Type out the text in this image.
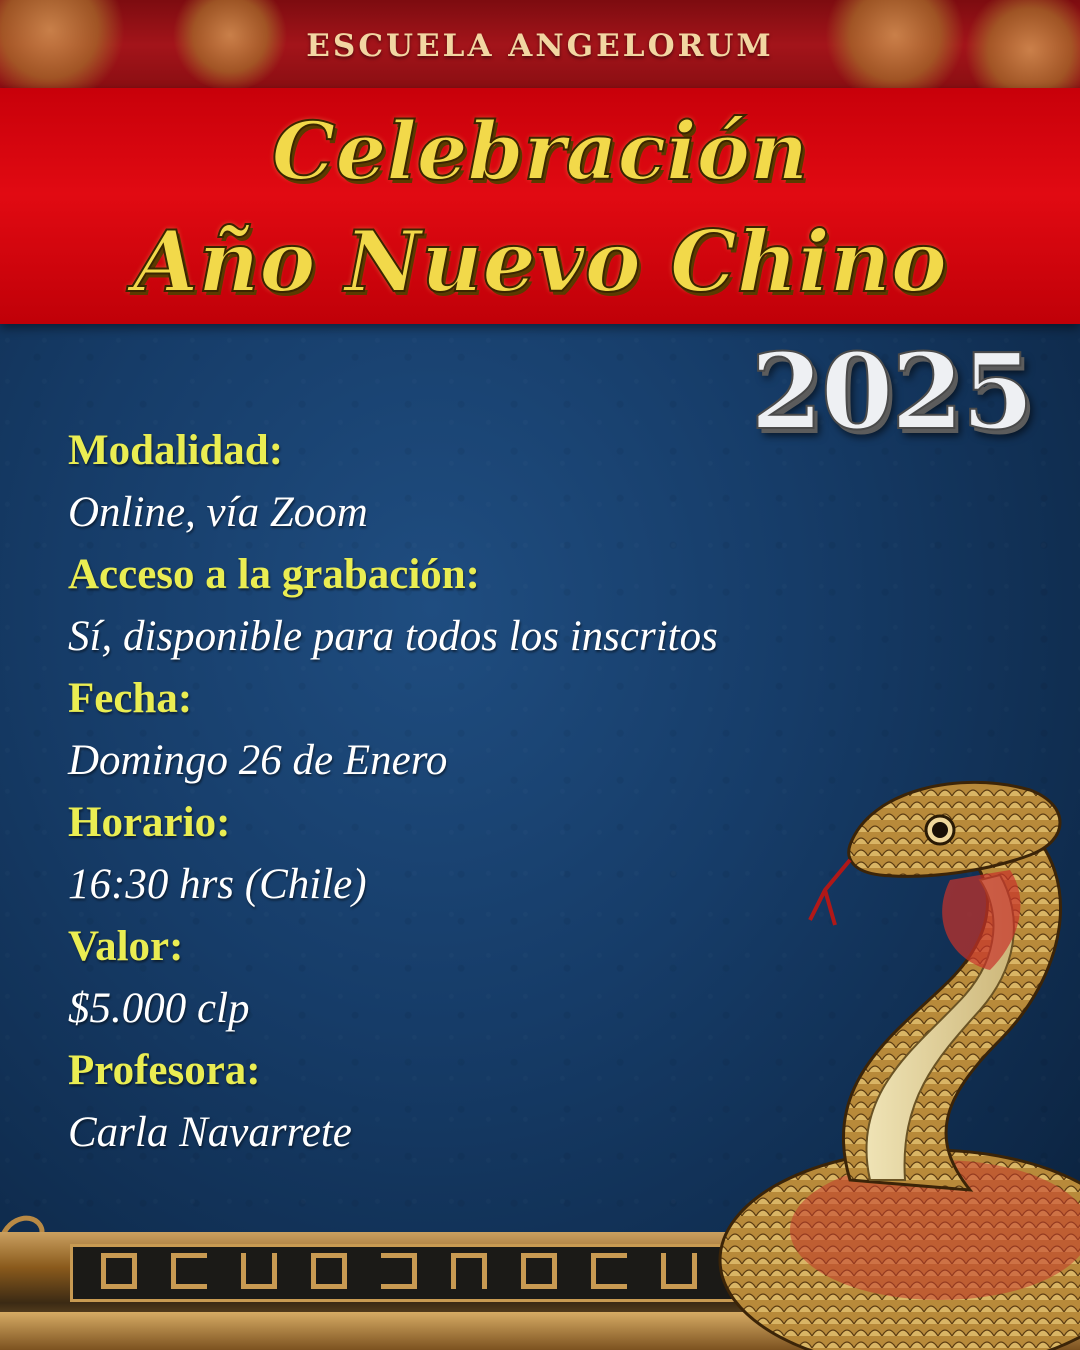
ESCUELA ANGELORUM
Celebración
Año Nuevo Chino
2025
Modalidad:
Online, vía Zoom
Acceso a la grabación:
Sí, disponible para todos los inscritos
Fecha:
Domingo 26 de Enero
Horario:
16:30 hrs (Chile)
Valor:
$5.000 clp
Profesora:
Carla Navarrete
